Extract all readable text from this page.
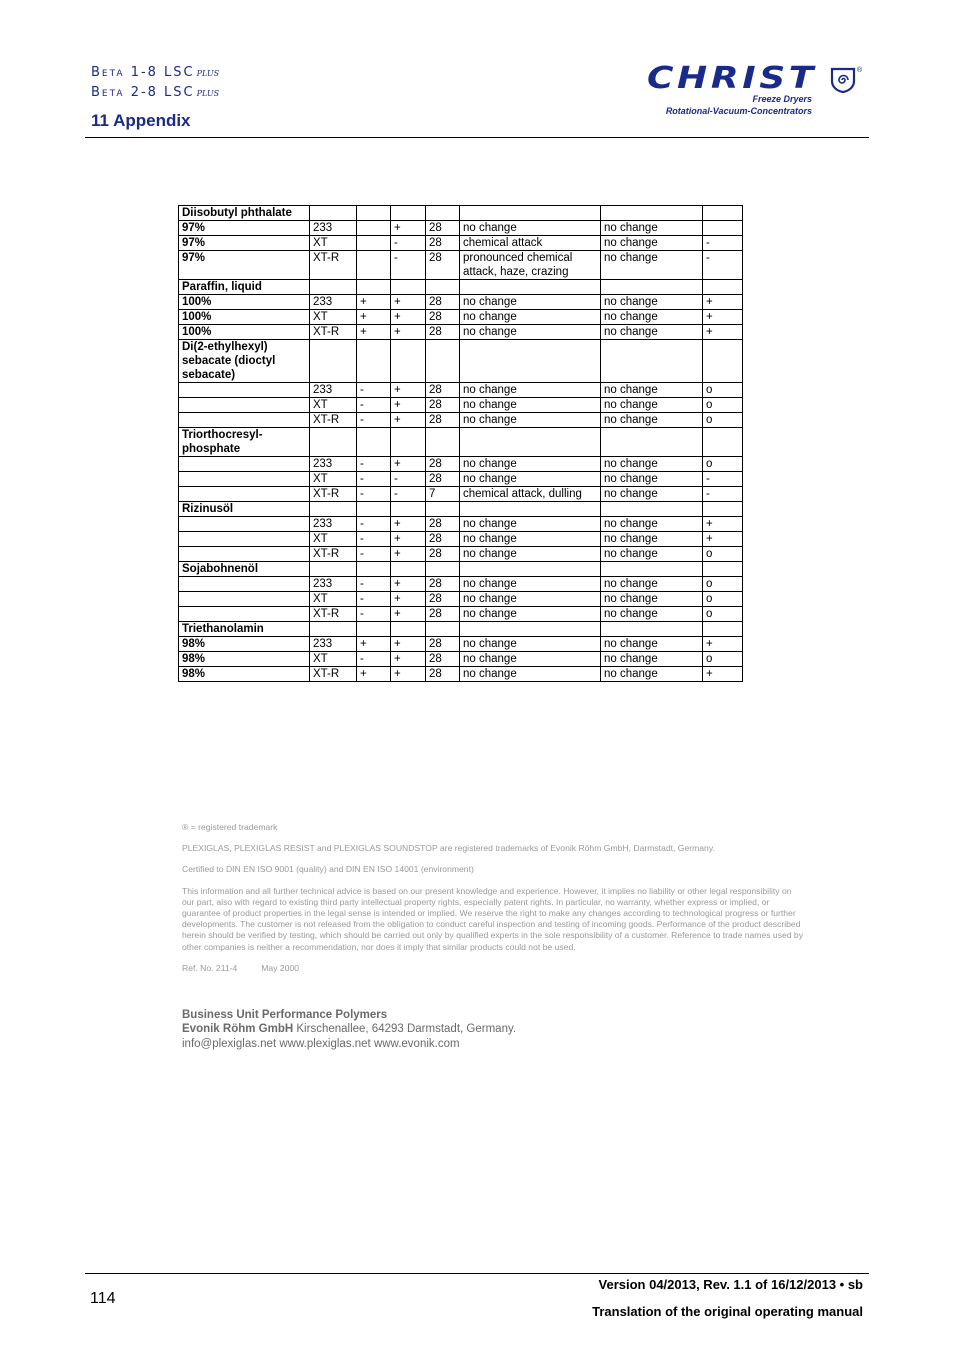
Beta 1-8 LSC plus
Beta 2-8 LSC plus
11 Appendix
CHRIST
Freeze Dryers
Rotational-Vacuum-Concentrators
®
Diisobutyl phthalate							
97%	233		+	28	no change	no change	
97%	XT		-	28	chemical attack	no change	-
97%	XT-R		-	28	pronounced chemical attack, haze, crazing	no change	-
Paraffin, liquid							
100%	233	+	+	28	no change	no change	+
100%	XT	+	+	28	no change	no change	+
100%	XT-R	+	+	28	no change	no change	+
Di(2-ethylhexyl) sebacate (dioctyl sebacate)							
	233	-	+	28	no change	no change	o
	XT	-	+	28	no change	no change	o
	XT-R	-	+	28	no change	no change	o
Triorthocresyl-phosphate							
	233	-	+	28	no change	no change	o
	XT	-	-	28	no change	no change	-
	XT-R	-	-	7	chemical attack, dulling	no change	-
Rizinusöl							
	233	-	+	28	no change	no change	+
	XT	-	+	28	no change	no change	+
	XT-R	-	+	28	no change	no change	o
Sojabohnenöl							
	233	-	+	28	no change	no change	o
	XT	-	+	28	no change	no change	o
	XT-R	-	+	28	no change	no change	o
Triethanolamin							
98%	233	+	+	28	no change	no change	+
98%	XT	-	+	28	no change	no change	o
98%	XT-R	+	+	28	no change	no change	+

® = registered trademark

PLEXIGLAS, PLEXIGLAS RESIST and PLEXIGLAS SOUNDSTOP are registered trademarks of Evonik Röhm GmbH, Darmstadt, Germany.

Certified to DIN EN ISO 9001 (quality) and DIN EN ISO 14001 (environment)

This information and all further technical advice is based on our present knowledge and experience. However, it implies no liability or other legal responsibility on our part, also with regard to existing third party intellectual property rights, especially patent rights. In particular, no warranty, whether express or implied, or guarantee of product properties in the legal sense is intended or implied. We reserve the right to make any changes according to technological progress or further developments. The customer is not released from the obligation to conduct careful inspection and testing of incoming goods. Performance of the product described herein should be verified by testing, which should be carried out only by qualified experts in the sole responsibility of a customer. Reference to trade names used by other companies is neither a recommendation, nor does it imply that similar products could not be used.

Ref. No. 211-4	May 2000

Business Unit Performance Polymers
Evonik Röhm GmbH Kirschenallee, 64293 Darmstadt, Germany.
info@plexiglas.net www.plexiglas.net www.evonik.com
114
Version 04/2013, Rev. 1.1 of 16/12/2013 • sb
Translation of the original operating manual
